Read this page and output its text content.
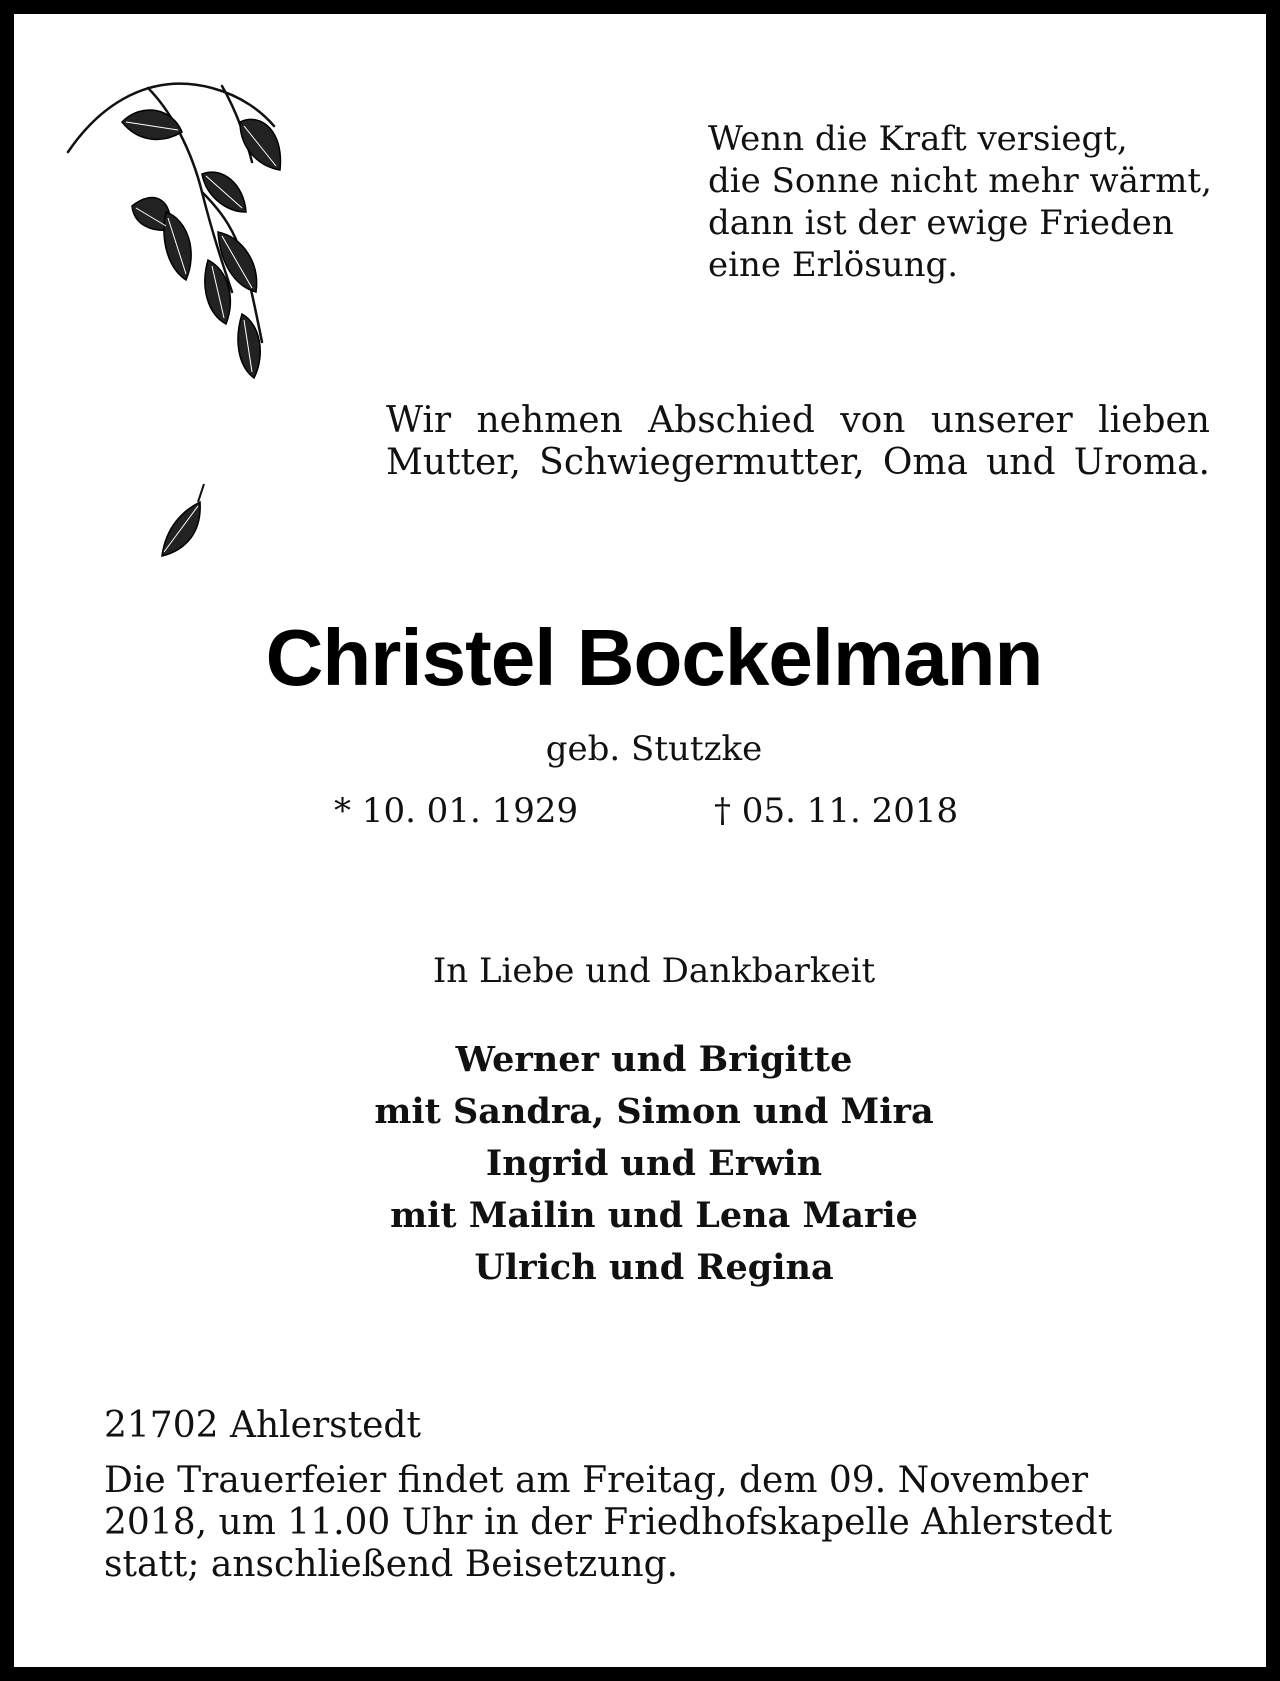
Wenn die Kraft versiegt,
die Sonne nicht mehr wärmt,
dann ist der ewige Frieden
eine Erlösung.
Wir nehmen Abschied von unserer lieben
Mutter, Schwiegermutter, Oma und Uroma.
Christel Bockelmann
geb. Stutzke
* 10. 01. 1929	† 05. 11. 2018
In Liebe und Dankbarkeit
Werner und Brigitte
mit Sandra, Simon und Mira
Ingrid und Erwin
mit Mailin und Lena Marie
Ulrich und Regina
21702 Ahlerstedt
Die Trauerfeier findet am Freitag, dem 09. November
2018, um 11.00 Uhr in der Friedhofskapelle Ahlerstedt
statt; anschließend Beisetzung.
